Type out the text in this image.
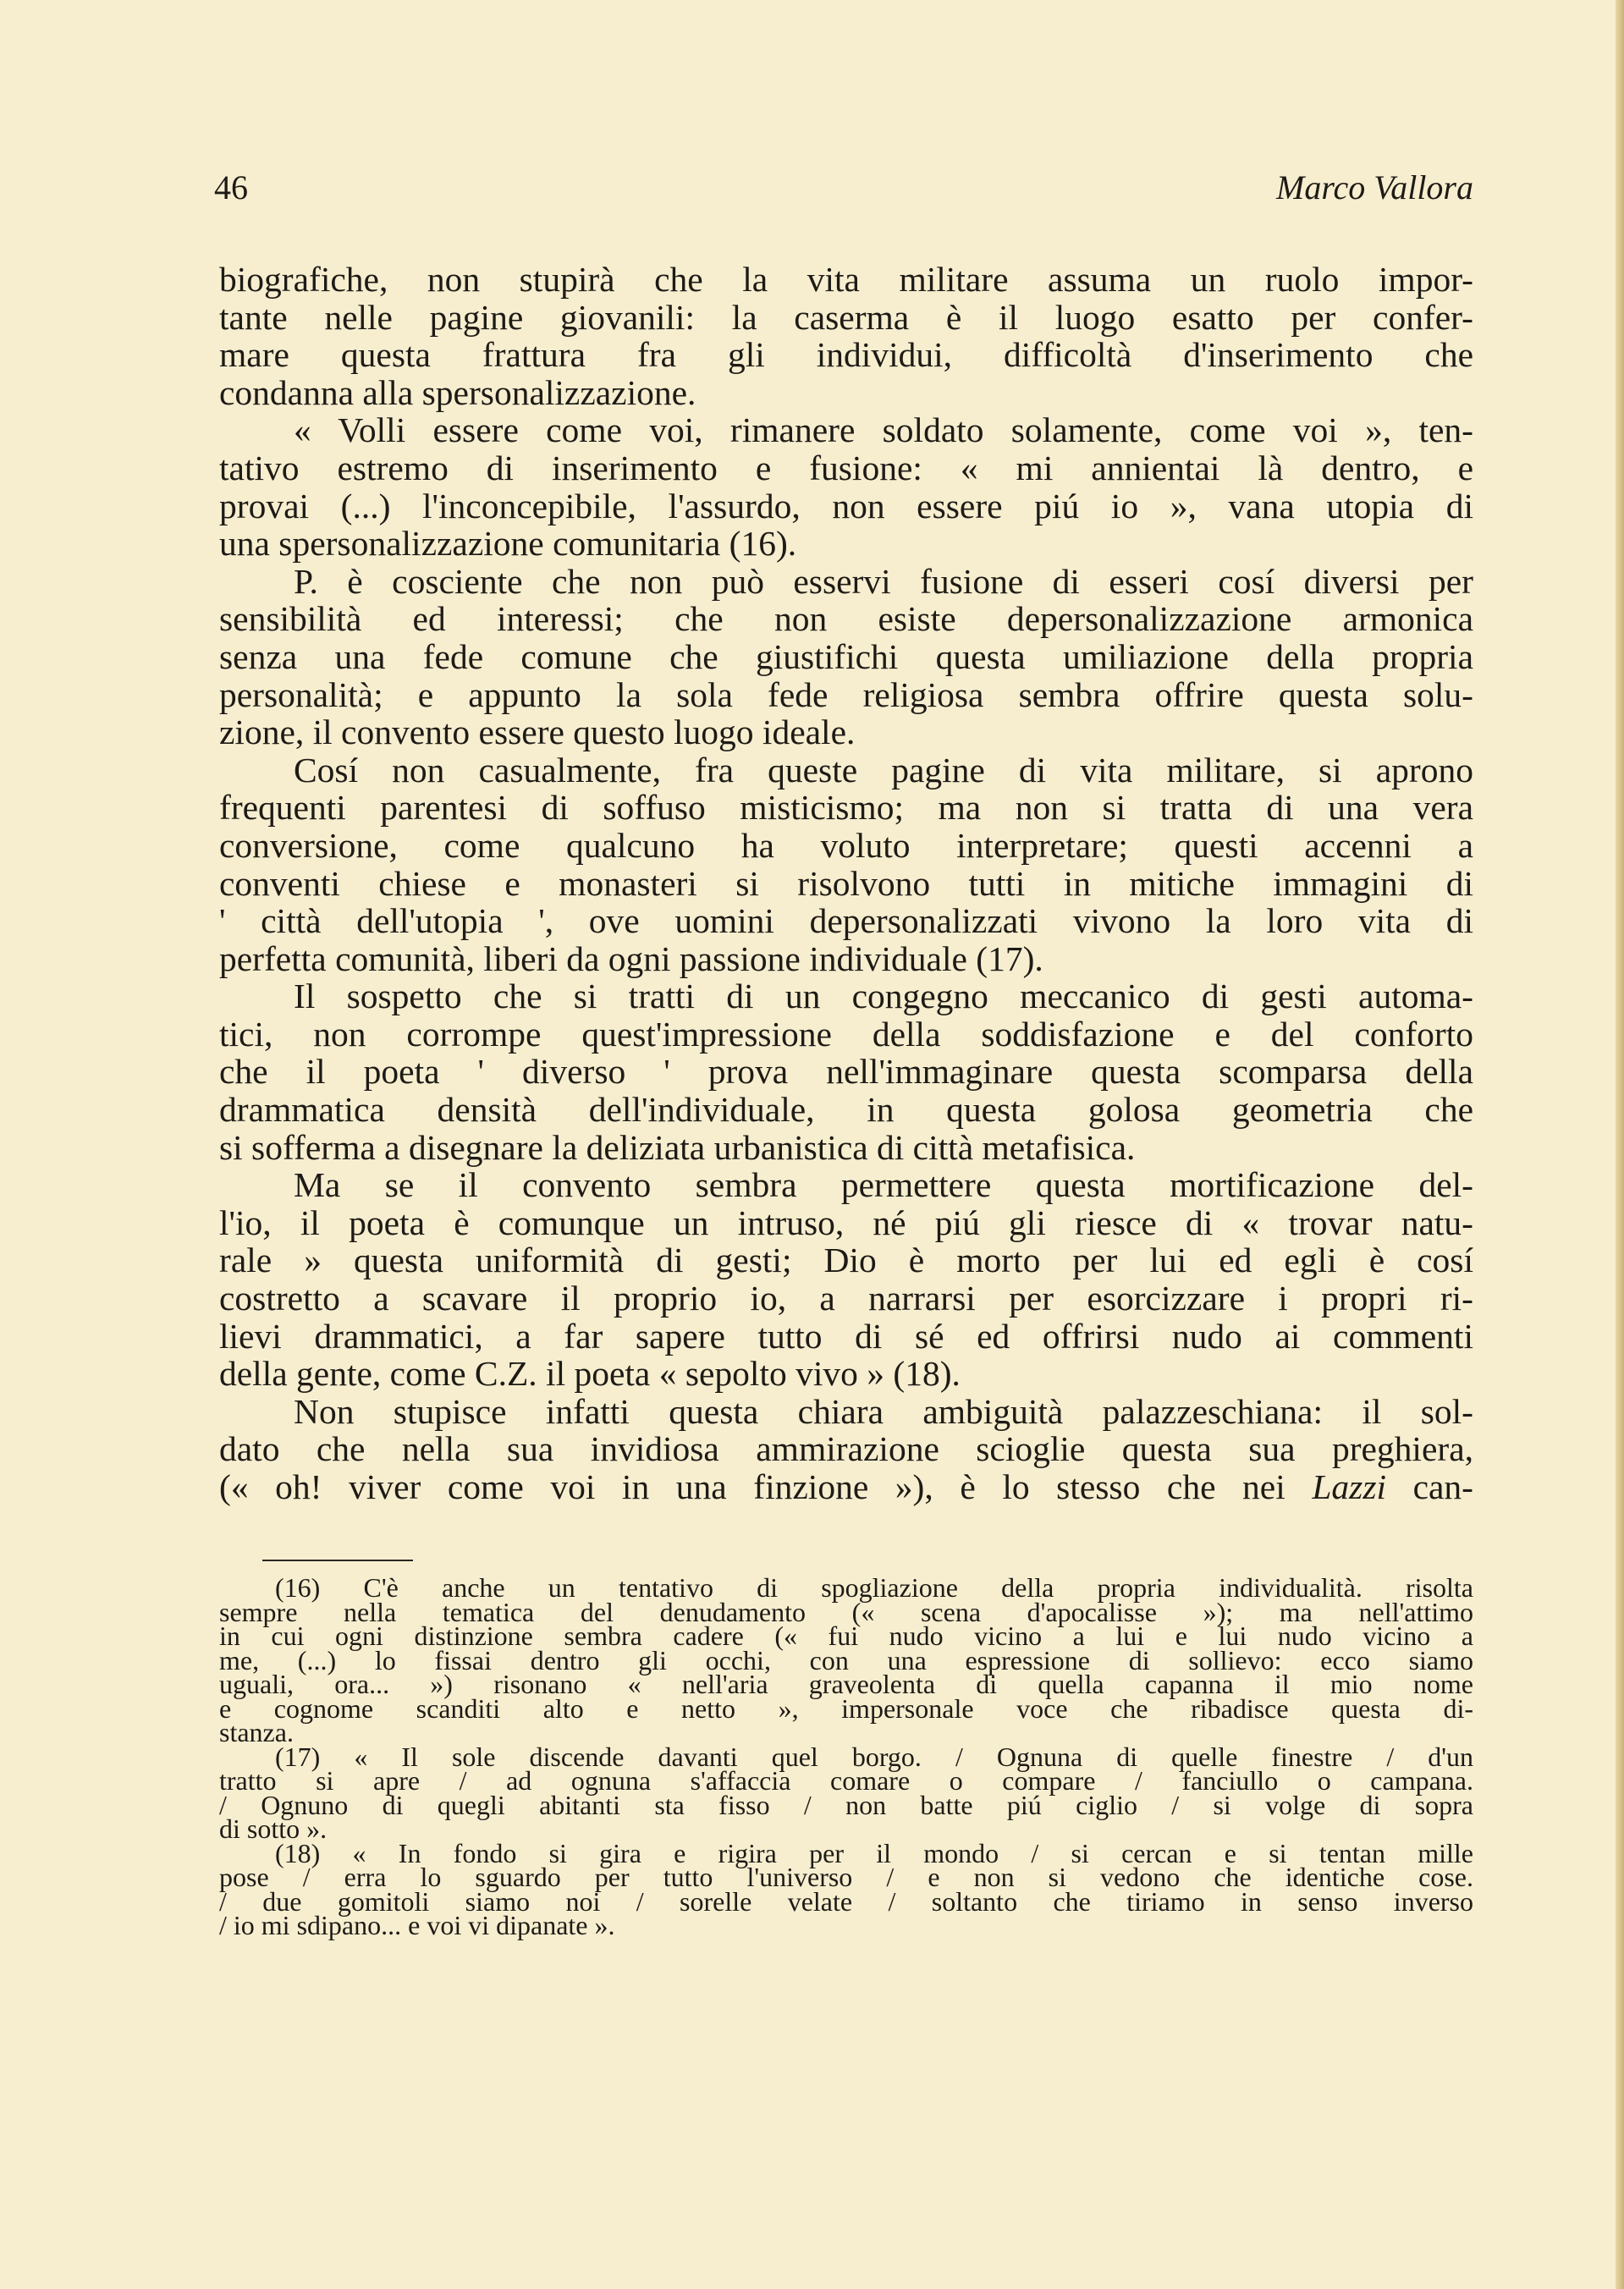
46	Marco Vallora

biografiche, non stupirà che la vita militare assuma un ruolo impor-
tante nelle pagine giovanili: la caserma è il luogo esatto per confer-
mare questa frattura fra gli individui, difficoltà d'inserimento che
condanna alla spersonalizzazione.

« Volli essere come voi, rimanere soldato solamente, come voi », ten-
tativo estremo di inserimento e fusione: « mi annientai là dentro, e
provai (...) l'inconcepibile, l'assurdo, non essere piú io », vana utopia di
una spersonalizzazione comunitaria (16).

P. è cosciente che non può esservi fusione di esseri cosí diversi per
sensibilità ed interessi; che non esiste depersonalizzazione armonica
senza una fede comune che giustifichi questa umiliazione della propria
personalità; e appunto la sola fede religiosa sembra offrire questa solu-
zione, il convento essere questo luogo ideale.

Cosí non casualmente, fra queste pagine di vita militare, si aprono
frequenti parentesi di soffuso misticismo; ma non si tratta di una vera
conversione, come qualcuno ha voluto interpretare; questi accenni a
conventi chiese e monasteri si risolvono tutti in mitiche immagini di
' città dell'utopia ', ove uomini depersonalizzati vivono la loro vita di
perfetta comunità, liberi da ogni passione individuale (17).

Il sospetto che si tratti di un congegno meccanico di gesti automa-
tici, non corrompe quest'impressione della soddisfazione e del conforto
che il poeta ' diverso ' prova nell'immaginare questa scomparsa della
drammatica densità dell'individuale, in questa golosa geometria che
si sofferma a disegnare la deliziata urbanistica di città metafisica.

Ma se il convento sembra permettere questa mortificazione del-
l'io, il poeta è comunque un intruso, né piú gli riesce di « trovar natu-
rale » questa uniformità di gesti; Dio è morto per lui ed egli è cosí
costretto a scavare il proprio io, a narrarsi per esorcizzare i propri ri-
lievi drammatici, a far sapere tutto di sé ed offrirsi nudo ai commenti
della gente, come C.Z. il poeta « sepolto vivo » (18).

Non stupisce infatti questa chiara ambiguità palazzeschiana: il sol-
dato che nella sua invidiosa ammirazione scioglie questa sua preghiera,
(« oh! viver come voi in una finzione »), è lo stesso che nei Lazzi can-

(16) C'è anche un tentativo di spogliazione della propria individualità. risolta
sempre nella tematica del denudamento (« scena d'apocalisse »); ma nell'attimo
in cui ogni distinzione sembra cadere (« fui nudo vicino a lui e lui nudo vicino a
me, (...) lo fissai dentro gli occhi, con una espressione di sollievo: ecco siamo
uguali, ora... ») risonano « nell'aria graveolenta di quella capanna il mio nome
e cognome scanditi alto e netto », impersonale voce che ribadisce questa di-
stanza.

(17) « Il sole discende davanti quel borgo. / Ognuna di quelle finestre / d'un
tratto si apre / ad ognuna s'affaccia comare o compare / fanciullo o campana.
/ Ognuno di quegli abitanti sta fisso / non batte piú ciglio / si volge di sopra
di sotto ».

(18) « In fondo si gira e rigira per il mondo / si cercan e si tentan mille
pose / erra lo sguardo per tutto l'universo / e non si vedono che identiche cose.
/ due gomitoli siamo noi / sorelle velate / soltanto che tiriamo in senso inverso
/ io mi sdipano... e voi vi dipanate ».
